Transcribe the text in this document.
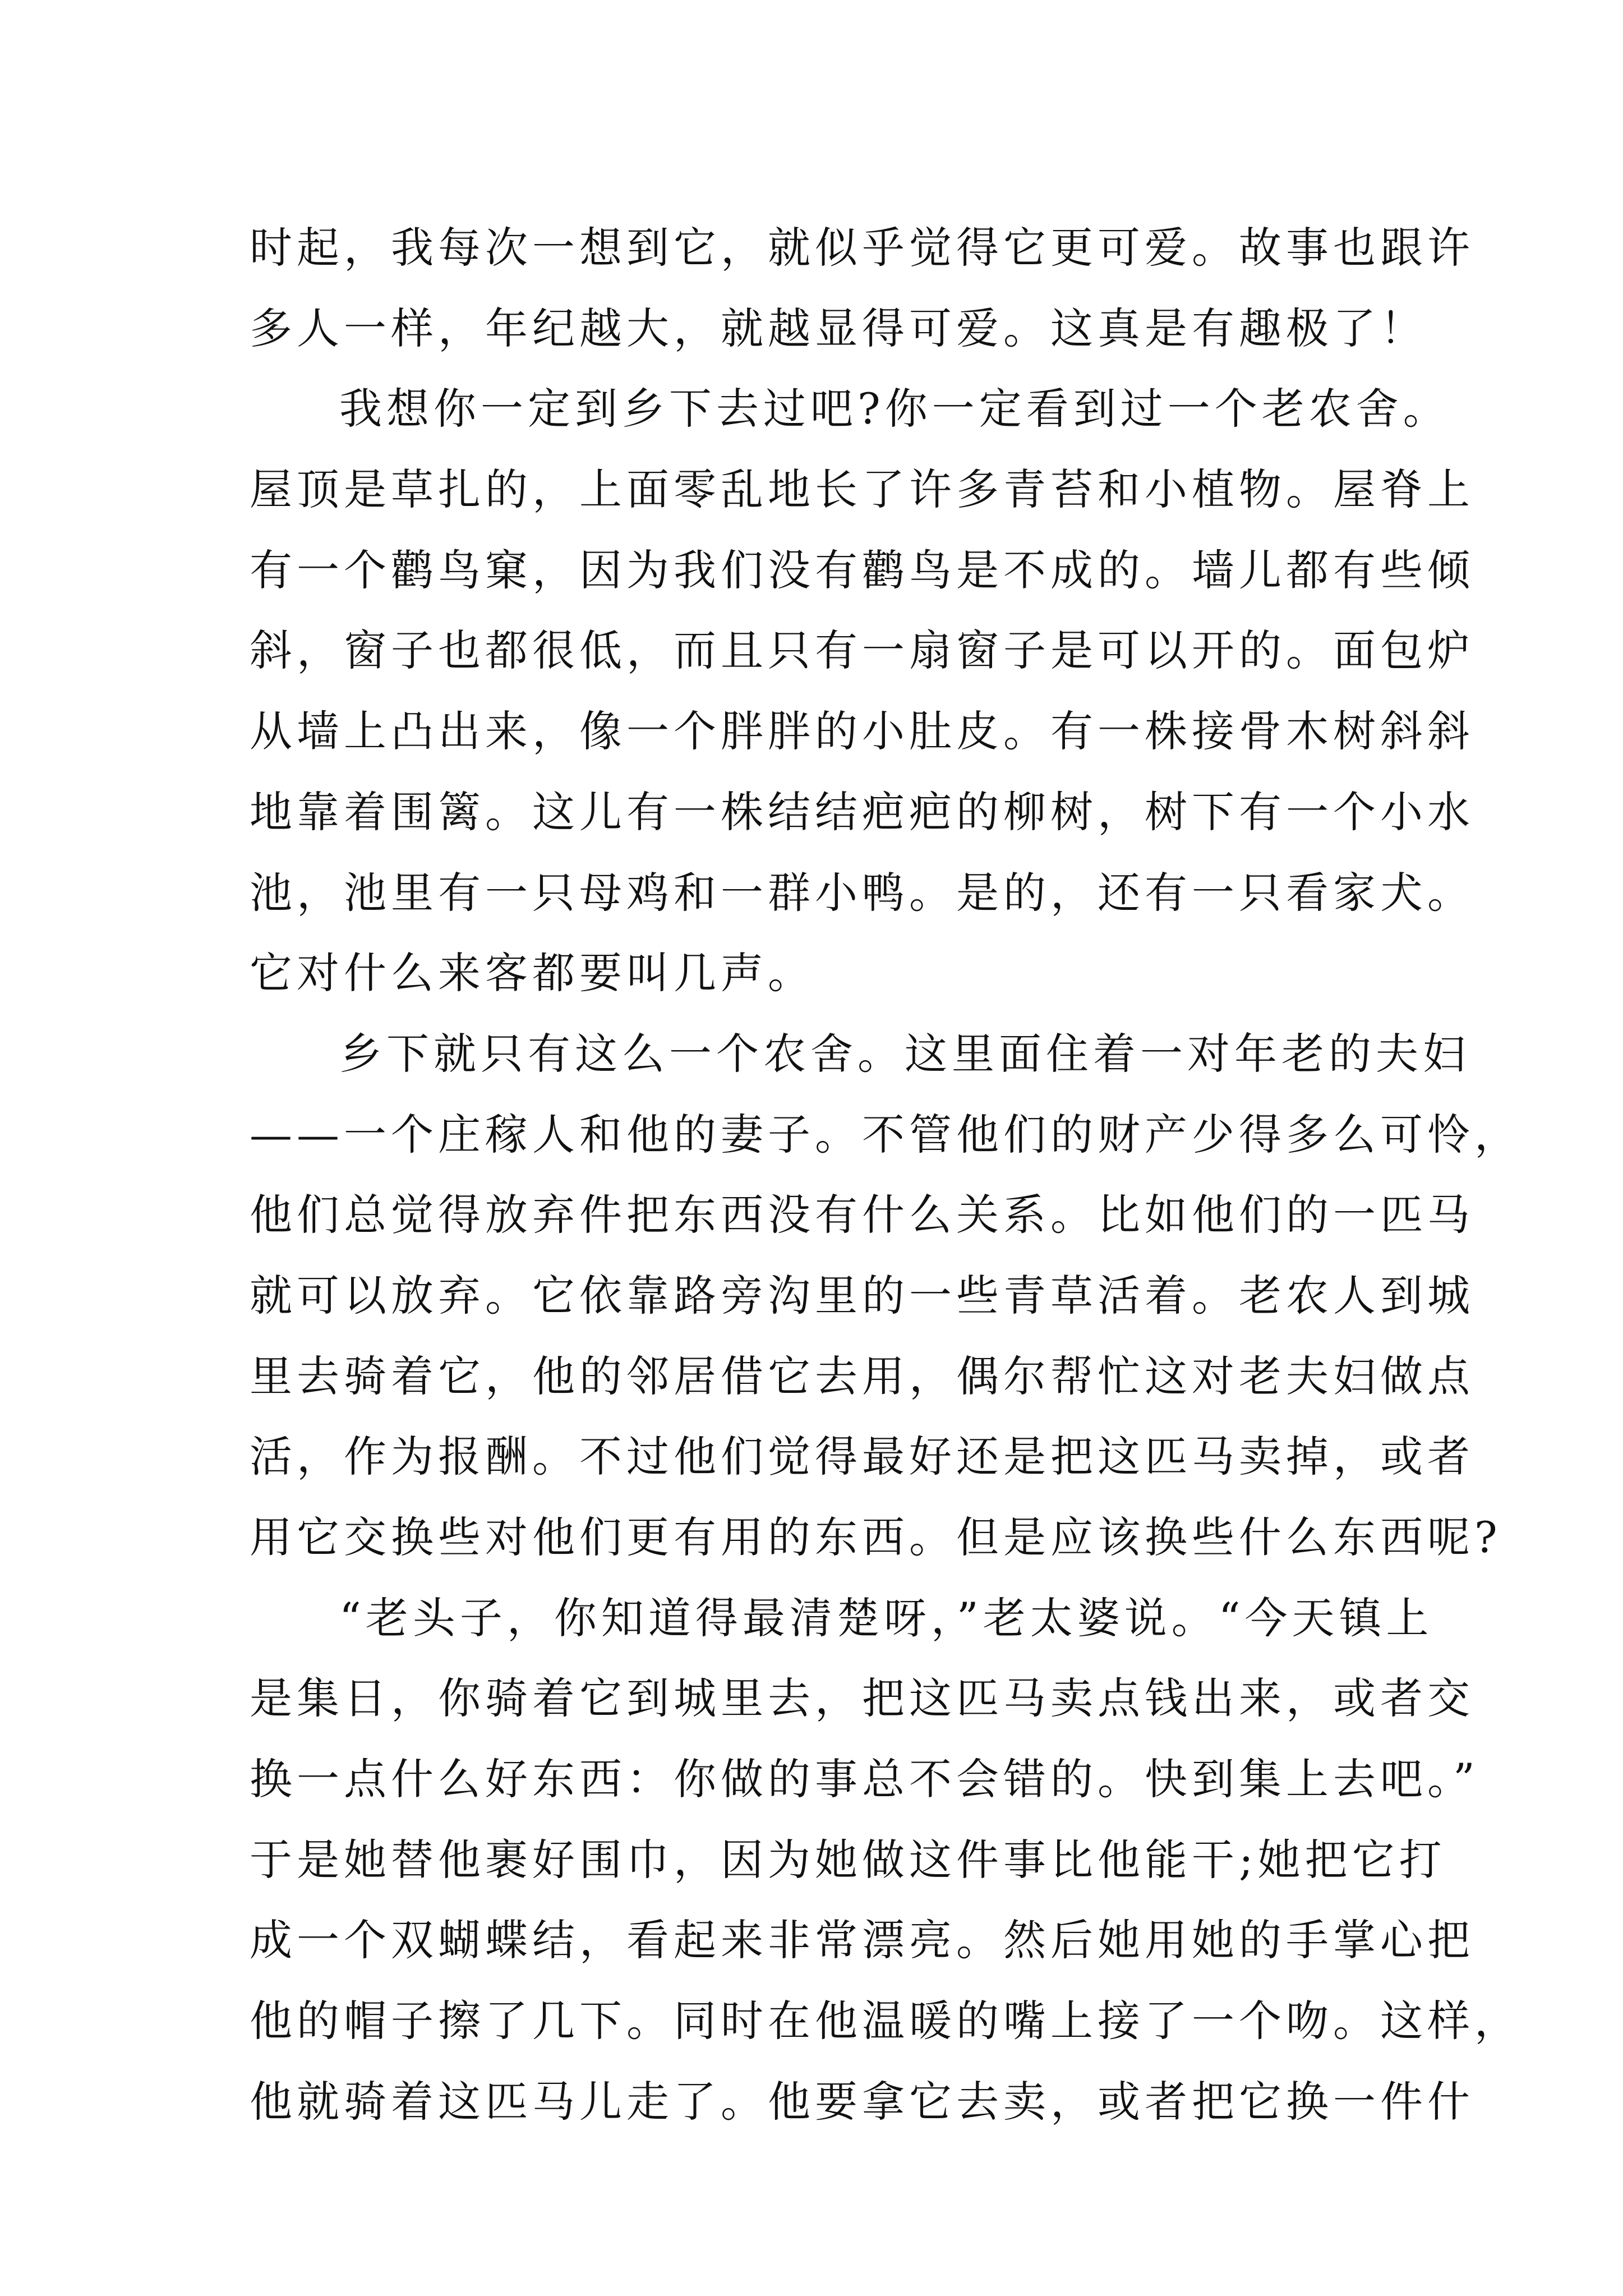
时起，我每次一想到它，就似乎觉得它更可爱。故事也跟许
多人一样，年纪越大，就越显得可爱。这真是有趣极了！

我想你一定到乡下去过吧?你一定看到过一个老农舍。
屋顶是草扎的，上面零乱地长了许多青苔和小植物。屋脊上
有一个鹳鸟窠，因为我们没有鹳鸟是不成的。墙儿都有些倾
斜，窗子也都很低，而且只有一扇窗子是可以开的。面包炉
从墙上凸出来，像一个胖胖的小肚皮。有一株接骨木树斜斜
地靠着围篱。这儿有一株结结疤疤的柳树，树下有一个小水
池，池里有一只母鸡和一群小鸭。是的，还有一只看家犬。
它对什么来客都要叫几声。

乡下就只有这么一个农舍。这里面住着一对年老的夫妇
——一个庄稼人和他的妻子。不管他们的财产少得多么可怜，
他们总觉得放弃件把东西没有什么关系。比如他们的一匹马
就可以放弃。它依靠路旁沟里的一些青草活着。老农人到城
里去骑着它，他的邻居借它去用，偶尔帮忙这对老夫妇做点
活，作为报酬。不过他们觉得最好还是把这匹马卖掉，或者
用它交换些对他们更有用的东西。但是应该换些什么东西呢?

“老头子，你知道得最清楚呀，”老太婆说。“今天镇上
是集日，你骑着它到城里去，把这匹马卖点钱出来，或者交
换一点什么好东西：你做的事总不会错的。快到集上去吧。”
于是她替他裹好围巾，因为她做这件事比他能干;她把它打
成一个双蝴蝶结，看起来非常漂亮。然后她用她的手掌心把
他的帽子擦了几下。同时在他温暖的嘴上接了一个吻。这样，
他就骑着这匹马儿走了。他要拿它去卖，或者把它换一件什
